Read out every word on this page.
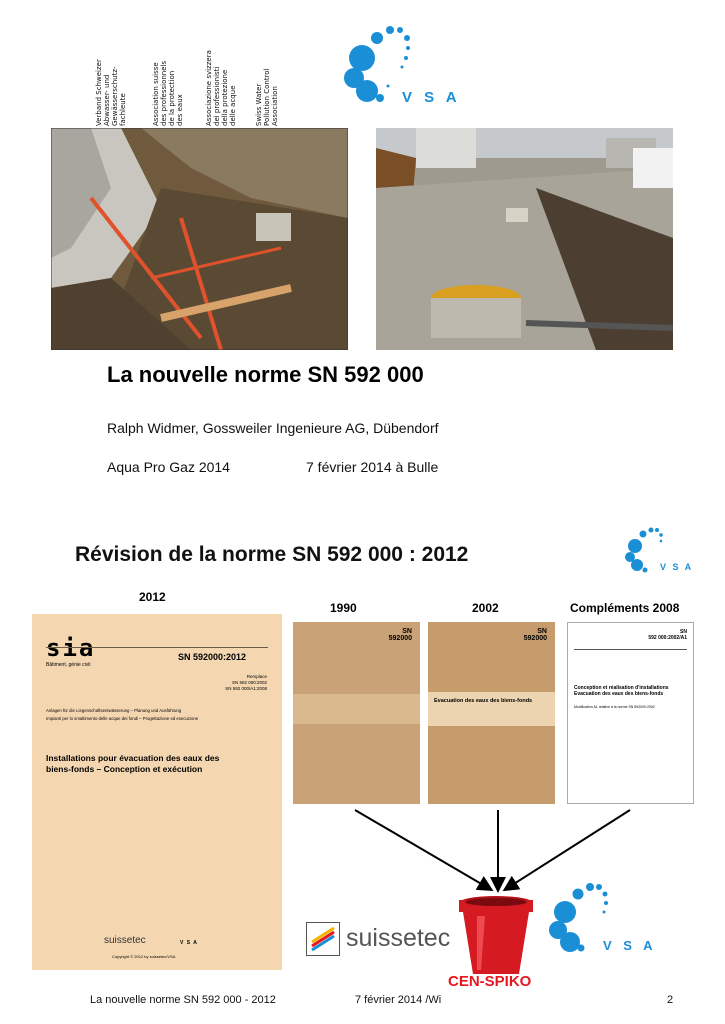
Verband Schweizer
Abwasser- und
Gewässerschutz-
fachleute	Association suisse
des professionnels
de la protection
des eaux	Associazione svizzera
dei professionisti
della protezione
delle acque
Swiss Water
Pollution Control
Association	V S A
La nouvelle norme SN 592 000
Ralph Widmer, Gossweiler Ingenieure AG, Dübendorf
Aqua Pro Gaz 2014	7 février 2014 à Bulle
Révision de la norme SN 592 000 : 2012
V S A
2012
1990	2002	Compléments 2008
sia
Bâtiment, génie civil
SN 592000:2012
Remplace
SN 592 000:2002
SN 592 000/A1:2008
Anlagen für die Liegenschaftsentwässerung – Planung und Ausführung
Impianti per lo smaltimento delle acque dei fondi – Progettazione ed esecuzione
Installations pour évacuation des eaux des biens-fonds – Conception et exécution
suissetec	V S A
Copyright © 2012 by suissetec/VSA
SN
592000
SN
592000
Evacuation des eaux des biens-fonds
SN
592 000:2002/A1
Conception et réalisation d'installations
Evacuation des eaux des biens-fonds
Modification A1 relative à la norme SN 592000:2002
suissetec
CEN-SPIKO
V S A
La nouvelle norme SN 592 000 - 2012	7 février 2014 /Wi	2
